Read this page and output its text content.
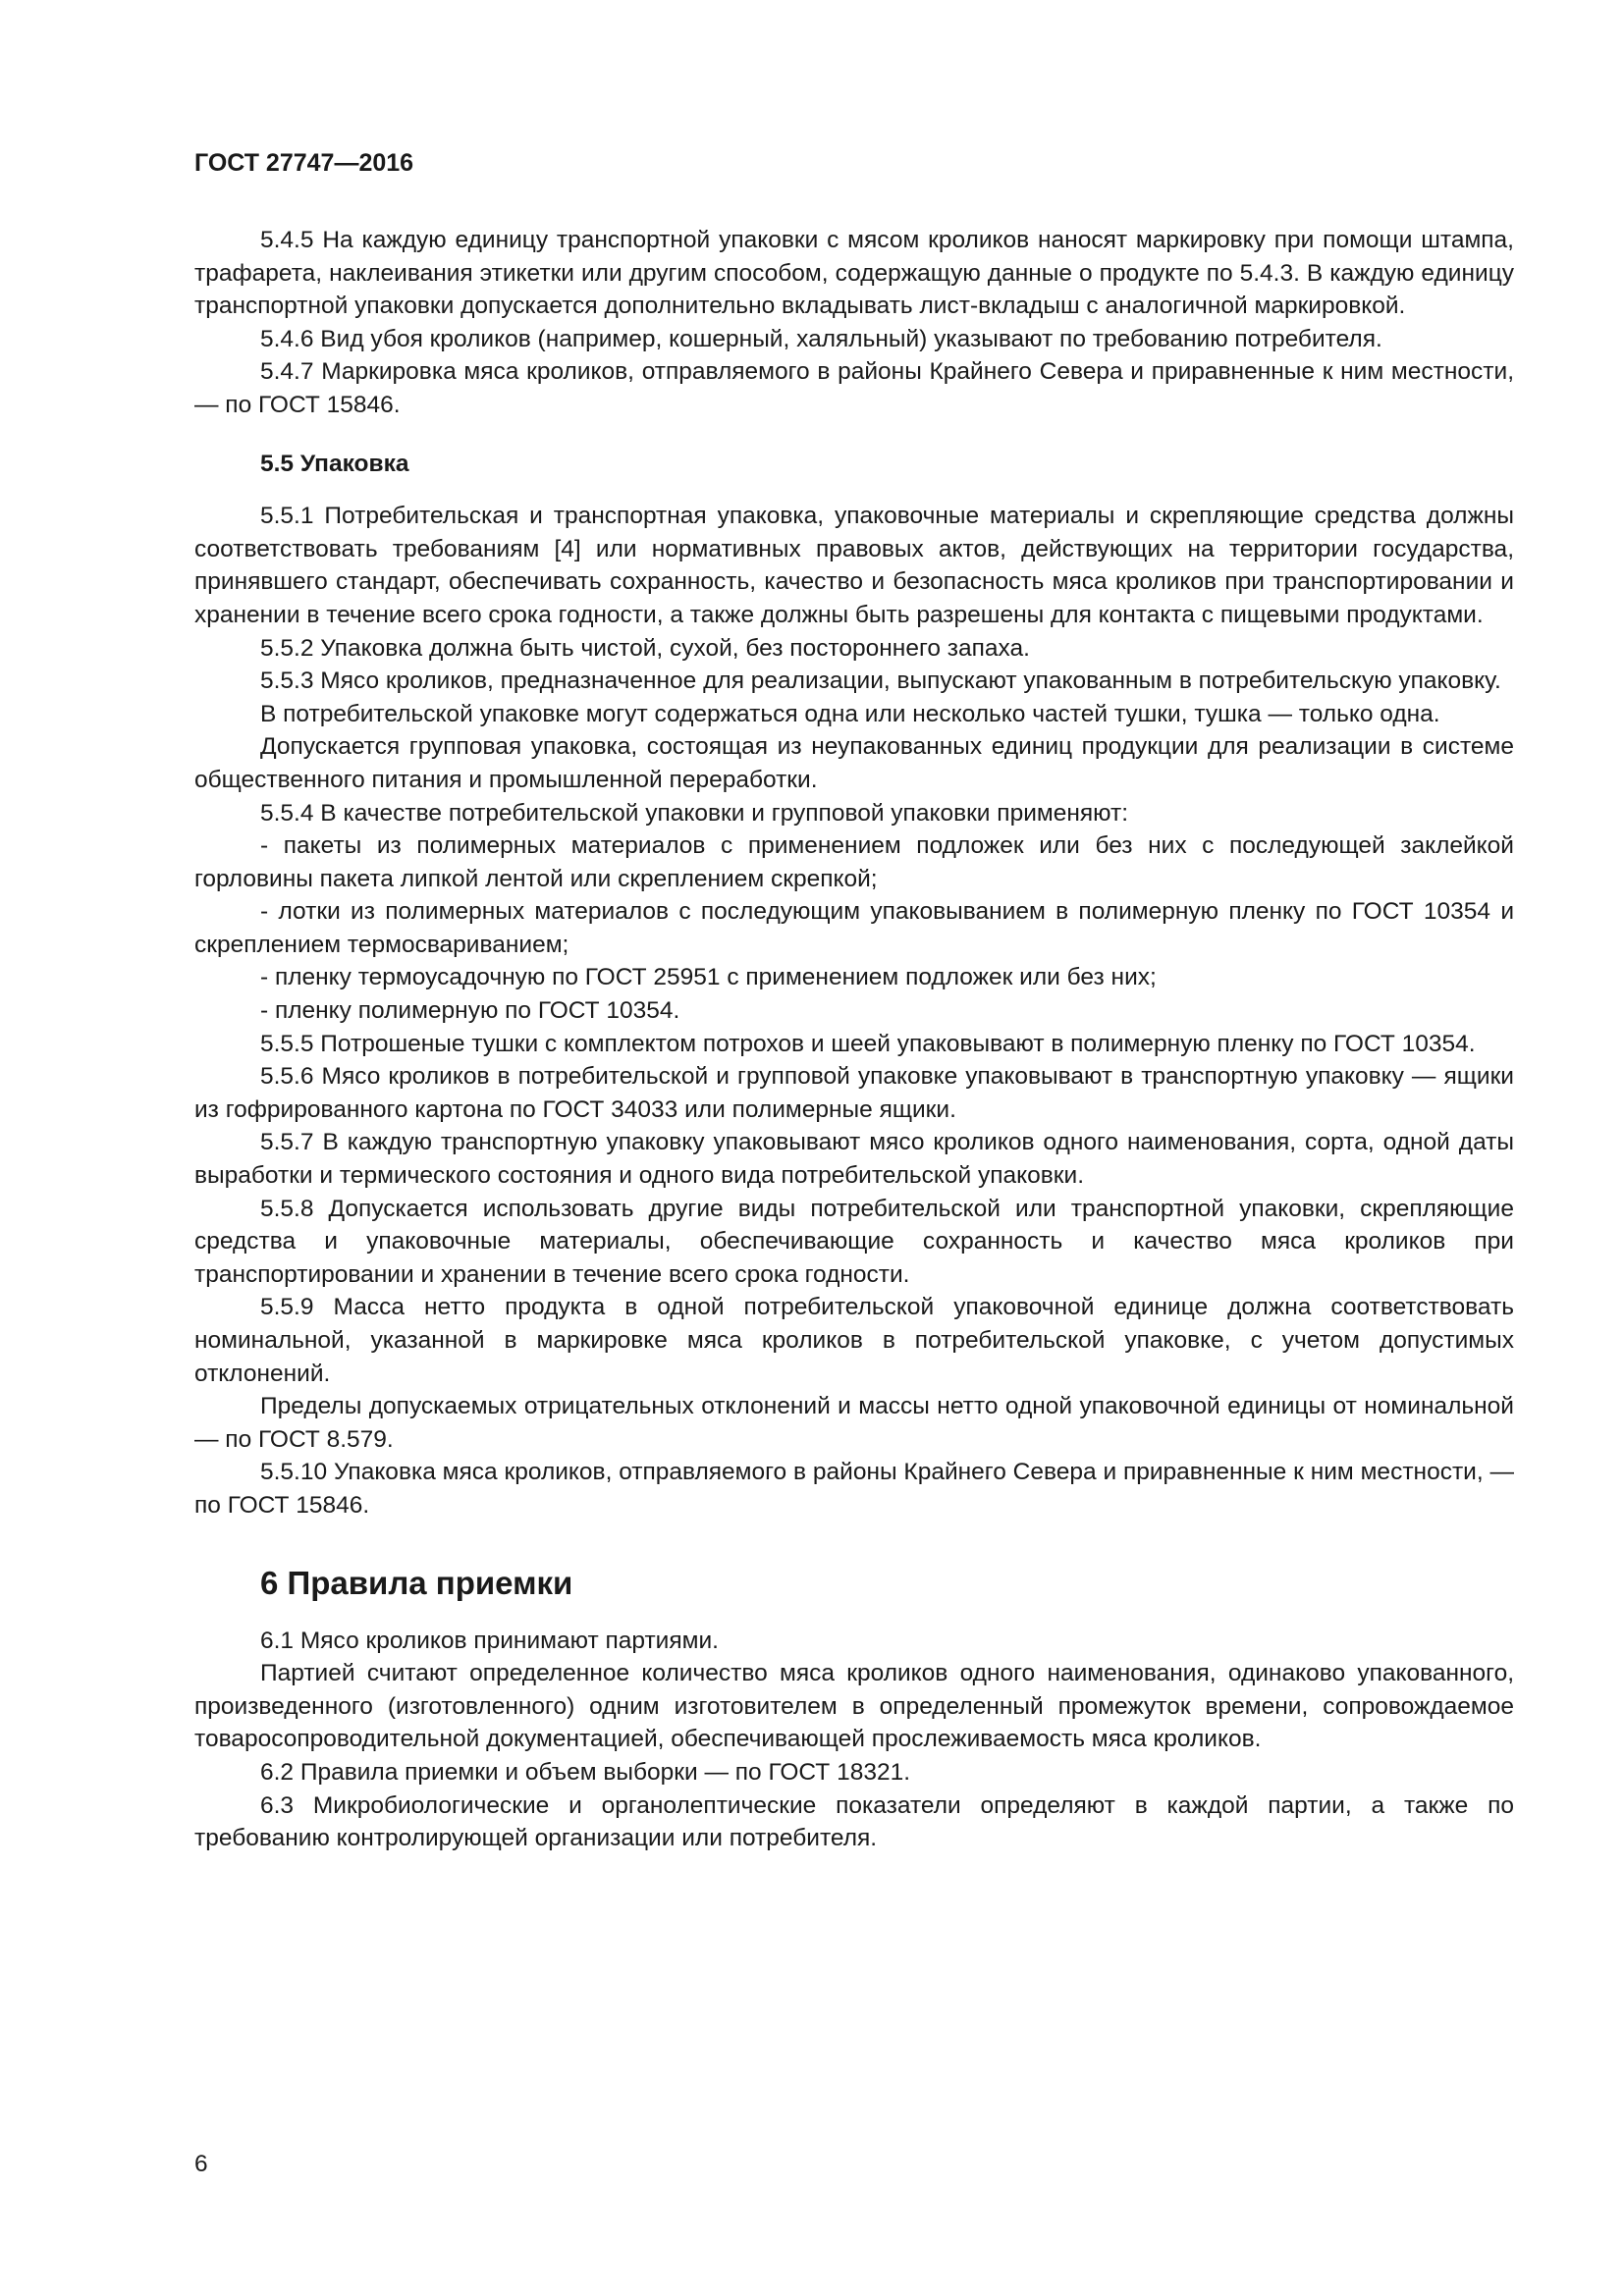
ГОСТ 27747—2016

5.4.5 На каждую единицу транспортной упаковки с мясом кроликов наносят маркировку при помощи штампа, трафарета, наклеивания этикетки или другим способом, содержащую данные о продукте по 5.4.3. В каждую единицу транспортной упаковки допускается дополнительно вкладывать лист-вкладыш с аналогичной маркировкой.

5.4.6 Вид убоя кроликов (например, кошерный, халяльный) указывают по требованию потребителя.

5.4.7 Маркировка мяса кроликов, отправляемого в районы Крайнего Севера и приравненные к ним местности, — по ГОСТ 15846.

5.5 Упаковка

5.5.1 Потребительская и транспортная упаковка, упаковочные материалы и скрепляющие средства должны соответствовать требованиям [4] или нормативных правовых актов, действующих на территории государства, принявшего стандарт, обеспечивать сохранность, качество и безопасность мяса кроликов при транспортировании и хранении в течение всего срока годности, а также должны быть разрешены для контакта с пищевыми продуктами.

5.5.2 Упаковка должна быть чистой, сухой, без постороннего запаха.

5.5.3 Мясо кроликов, предназначенное для реализации, выпускают упакованным в потребительскую упаковку.

В потребительской упаковке могут содержаться одна или несколько частей тушки, тушка — только одна.

Допускается групповая упаковка, состоящая из неупакованных единиц продукции для реализации в системе общественного питания и промышленной переработки.

5.5.4 В качестве потребительской упаковки и групповой упаковки применяют:

- пакеты из полимерных материалов с применением подложек или без них с последующей заклейкой горловины пакета липкой лентой или скреплением скрепкой;

- лотки из полимерных материалов с последующим упаковыванием в полимерную пленку по ГОСТ 10354 и скреплением термосвариванием;

- пленку термоусадочную по ГОСТ 25951 с применением подложек или без них;

- пленку полимерную по ГОСТ 10354.

5.5.5 Потрошеные тушки с комплектом потрохов и шеей упаковывают в полимерную пленку по ГОСТ 10354.

5.5.6 Мясо кроликов в потребительской и групповой упаковке упаковывают в транспортную упаковку — ящики из гофрированного картона по ГОСТ 34033 или полимерные ящики.

5.5.7 В каждую транспортную упаковку упаковывают мясо кроликов одного наименования, сорта, одной даты выработки и термического состояния и одного вида потребительской упаковки.

5.5.8 Допускается использовать другие виды потребительской или транспортной упаковки, скрепляющие средства и упаковочные материалы, обеспечивающие сохранность и качество мяса кроликов при транспортировании и хранении в течение всего срока годности.

5.5.9 Масса нетто продукта в одной потребительской упаковочной единице должна соответствовать номинальной, указанной в маркировке мяса кроликов в потребительской упаковке, с учетом допустимых отклонений.

Пределы допускаемых отрицательных отклонений и массы нетто одной упаковочной единицы от номинальной — по ГОСТ 8.579.

5.5.10 Упаковка мяса кроликов, отправляемого в районы Крайнего Севера и приравненные к ним местности, — по ГОСТ 15846.

6 Правила приемки

6.1 Мясо кроликов принимают партиями.

Партией считают определенное количество мяса кроликов одного наименования, одинаково упакованного, произведенного (изготовленного) одним изготовителем в определенный промежуток времени, сопровождаемое товаросопроводительной документацией, обеспечивающей прослеживаемость мяса кроликов.

6.2 Правила приемки и объем выборки — по ГОСТ 18321.

6.3 Микробиологические и органолептические показатели определяют в каждой партии, а также по требованию контролирующей организации или потребителя.

6
